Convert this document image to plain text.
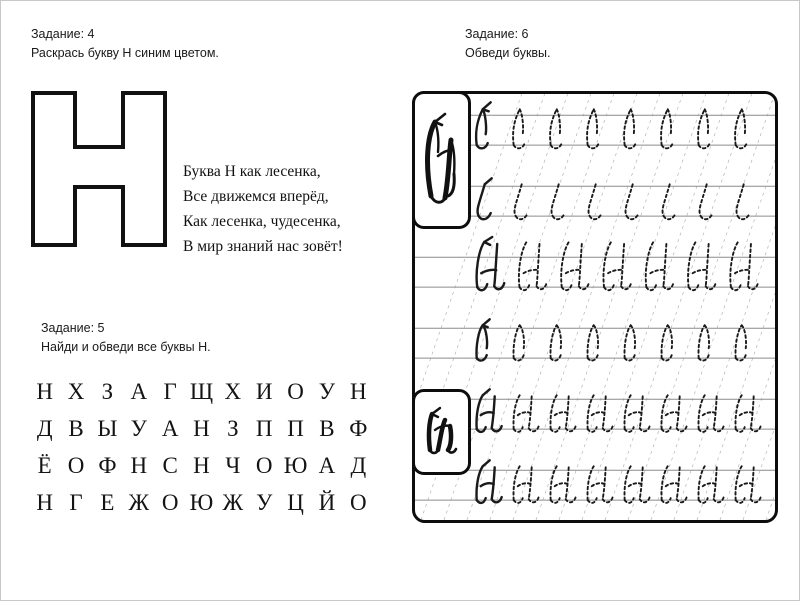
Задание: 4
Раскрась букву Н синим цветом.
Буква Н как лесенка,
Все движемся вперёд,
Как лесенка, чудесенка,
В мир знаний нас зовёт!
Задание: 5
Найди и обведи все буквы Н.
Н Х З А Г Щ Х И О У Н
Д В Ы У А Н З П П В Ф
Ё О Ф Н С Н Ч О Ю А Д
Н Г Е Ж О Ю Ж У Ц Й О
Задание: 6
Обведи буквы.
